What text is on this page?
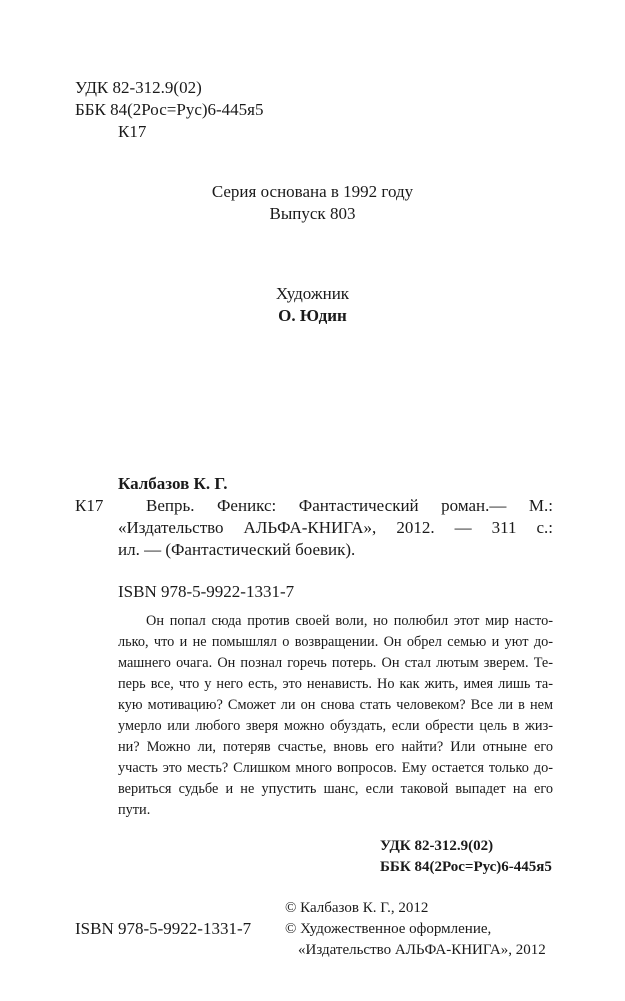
УДК 82-312.9(02)
ББК 84(2Рос=Рус)6-445я5
К17
Серия основана в 1992 году
Выпуск 803
Художник
О. Юдин
Калбазов К. Г.
К17	Вепрь. Феникс: Фантастический роман.— М.:
«Издательство АЛЬФА-КНИГА», 2012. — 311 с.:
ил. — (Фантастический боевик).
ISBN 978-5-9922-1331-7

Он попал сюда против своей воли, но полюбил этот мир насто-

лько, что и не помышлял о возвращении. Он обрел семью и уют до-

машнего очага. Он познал горечь потерь. Он стал лютым зверем. Те-

перь все, что у него есть, это ненависть. Но как жить, имея лишь та-

кую мотивацию? Сможет ли он снова стать человеком? Все ли в нем

умерло или любого зверя можно обуздать, если обрести цель в жиз-

ни? Можно ли, потеряв счастье, вновь его найти? Или отныне его

участь это месть? Слишком много вопросов. Ему остается только до-

вериться судьбе и не упустить шанс, если таковой выпадет на его

пути.

УДК 82-312.9(02)
ББК 84(2Рос=Рус)6-445я5
© Калбазов К. Г., 2012
© Художественное оформление,
«Издательство АЛЬФА-КНИГА», 2012
ISBN 978-5-9922-1331-7
